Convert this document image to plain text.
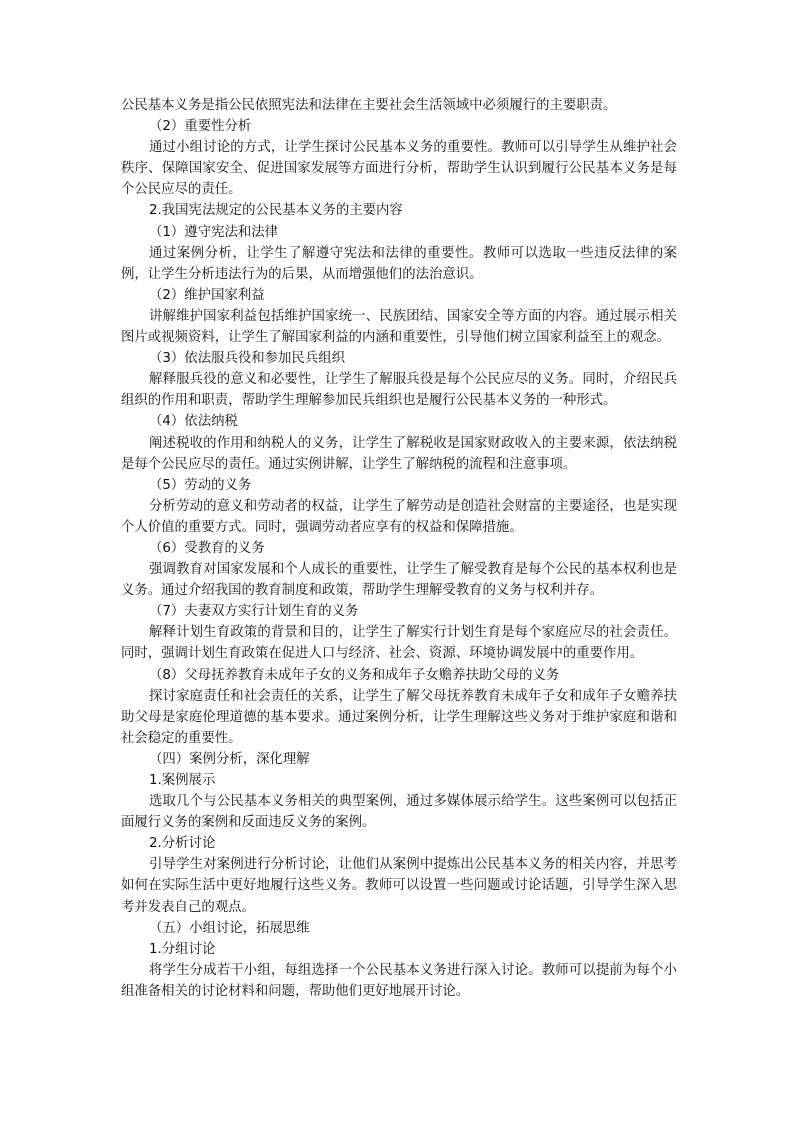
公民基本义务是指公民依照宪法和法律在主要社会生活领域中必须履行的主要职责。

（2）重要性分析

通过小组讨论的方式，让学生探讨公民基本义务的重要性。教师可以引导学生从维护社会秩序、保障国家安全、促进国家发展等方面进行分析，帮助学生认识到履行公民基本义务是每个公民应尽的责任。

2.我国宪法规定的公民基本义务的主要内容

（1）遵守宪法和法律

通过案例分析，让学生了解遵守宪法和法律的重要性。教师可以选取一些违反法律的案例，让学生分析违法行为的后果，从而增强他们的法治意识。

（2）维护国家利益

讲解维护国家利益包括维护国家统一、民族团结、国家安全等方面的内容。通过展示相关图片或视频资料，让学生了解国家利益的内涵和重要性，引导他们树立国家利益至上的观念。

（3）依法服兵役和参加民兵组织

解释服兵役的意义和必要性，让学生了解服兵役是每个公民应尽的义务。同时，介绍民兵组织的作用和职责，帮助学生理解参加民兵组织也是履行公民基本义务的一种形式。

（4）依法纳税

阐述税收的作用和纳税人的义务，让学生了解税收是国家财政收入的主要来源，依法纳税是每个公民应尽的责任。通过实例讲解，让学生了解纳税的流程和注意事项。

（5）劳动的义务

分析劳动的意义和劳动者的权益，让学生了解劳动是创造社会财富的主要途径，也是实现个人价值的重要方式。同时，强调劳动者应享有的权益和保障措施。

（6）受教育的义务

强调教育对国家发展和个人成长的重要性，让学生了解受教育是每个公民的基本权利也是义务。通过介绍我国的教育制度和政策，帮助学生理解受教育的义务与权利并存。

（7）夫妻双方实行计划生育的义务

解释计划生育政策的背景和目的，让学生了解实行计划生育是每个家庭应尽的社会责任。同时，强调计划生育政策在促进人口与经济、社会、资源、环境协调发展中的重要作用。

（8）父母抚养教育未成年子女的义务和成年子女赡养扶助父母的义务

探讨家庭责任和社会责任的关系，让学生了解父母抚养教育未成年子女和成年子女赡养扶助父母是家庭伦理道德的基本要求。通过案例分析，让学生理解这些义务对于维护家庭和谐和社会稳定的重要性。

（四）案例分析，深化理解

1.案例展示

选取几个与公民基本义务相关的典型案例，通过多媒体展示给学生。这些案例可以包括正面履行义务的案例和反面违反义务的案例。

2.分析讨论

引导学生对案例进行分析讨论，让他们从案例中提炼出公民基本义务的相关内容，并思考如何在实际生活中更好地履行这些义务。教师可以设置一些问题或讨论话题，引导学生深入思考并发表自己的观点。

（五）小组讨论，拓展思维

1.分组讨论

将学生分成若干小组，每组选择一个公民基本义务进行深入讨论。教师可以提前为每个小组准备相关的讨论材料和问题，帮助他们更好地展开讨论。
